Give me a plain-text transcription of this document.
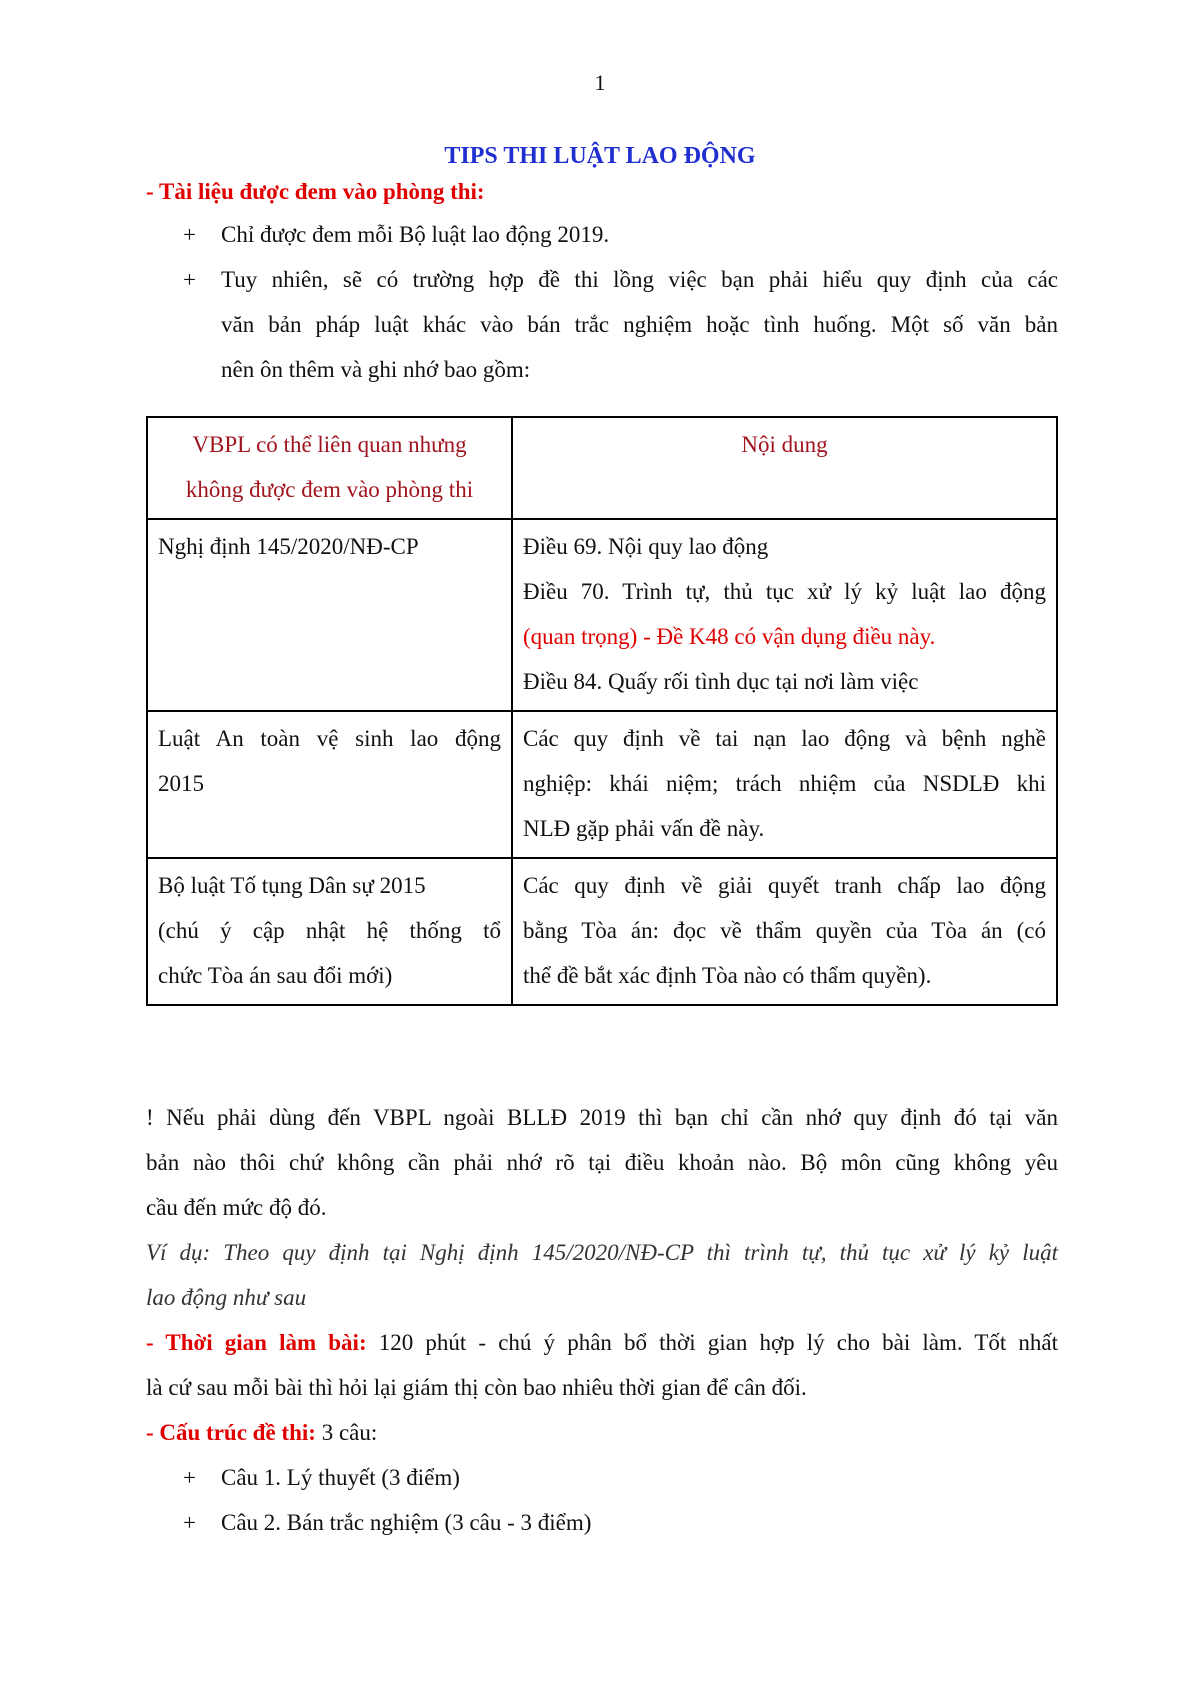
1
TIPS THI LUẬT LAO ĐỘNG
- Tài liệu được đem vào phòng thi:
+ Chỉ được đem mỗi Bộ luật lao động 2019.
+ Tuy nhiên, sẽ có trường hợp đề thi lồng việc bạn phải hiểu quy định của các
văn bản pháp luật khác vào bán trắc nghiệm hoặc tình huống. Một số văn bản
nên ôn thêm và ghi nhớ bao gồm:
VBPL có thể liên quan nhưng
không được đem vào phòng thi	Nội dung

Nghị định 145/2020/NĐ-CP	Điều 69. Nội quy lao động
Điều 70. Trình tự, thủ tục xử lý kỷ luật lao động
(quan trọng) - Đề K48 có vận dụng điều này.
Điều 84. Quấy rối tình dục tại nơi làm việc

Luật An toàn vệ sinh lao động
2015	Các quy định về tai nạn lao động và bệnh nghề
nghiệp: khái niệm; trách nhiệm của NSDLĐ khi
NLĐ gặp phải vấn đề này.

Bộ luật Tố tụng Dân sự 2015
(chú ý cập nhật hệ thống tổ
chức Tòa án sau đổi mới)	Các quy định về giải quyết tranh chấp lao động
bằng Tòa án: đọc về thẩm quyền của Tòa án (có
thể đề bắt xác định Tòa nào có thẩm quyền).
! Nếu phải dùng đến VBPL ngoài BLLĐ 2019 thì bạn chỉ cần nhớ quy định đó tại văn
bản nào thôi chứ không cần phải nhớ rõ tại điều khoản nào. Bộ môn cũng không yêu
cầu đến mức độ đó.
Ví dụ: Theo quy định tại Nghị định 145/2020/NĐ-CP thì trình tự, thủ tục xử lý kỷ luật
lao động như sau
- Thời gian làm bài: 120 phút - chú ý phân bổ thời gian hợp lý cho bài làm. Tốt nhất
là cứ sau mỗi bài thì hỏi lại giám thị còn bao nhiêu thời gian để cân đối.
- Cấu trúc đề thi: 3 câu:
+ Câu 1. Lý thuyết (3 điểm)
+ Câu 2. Bán trắc nghiệm (3 câu - 3 điểm)
